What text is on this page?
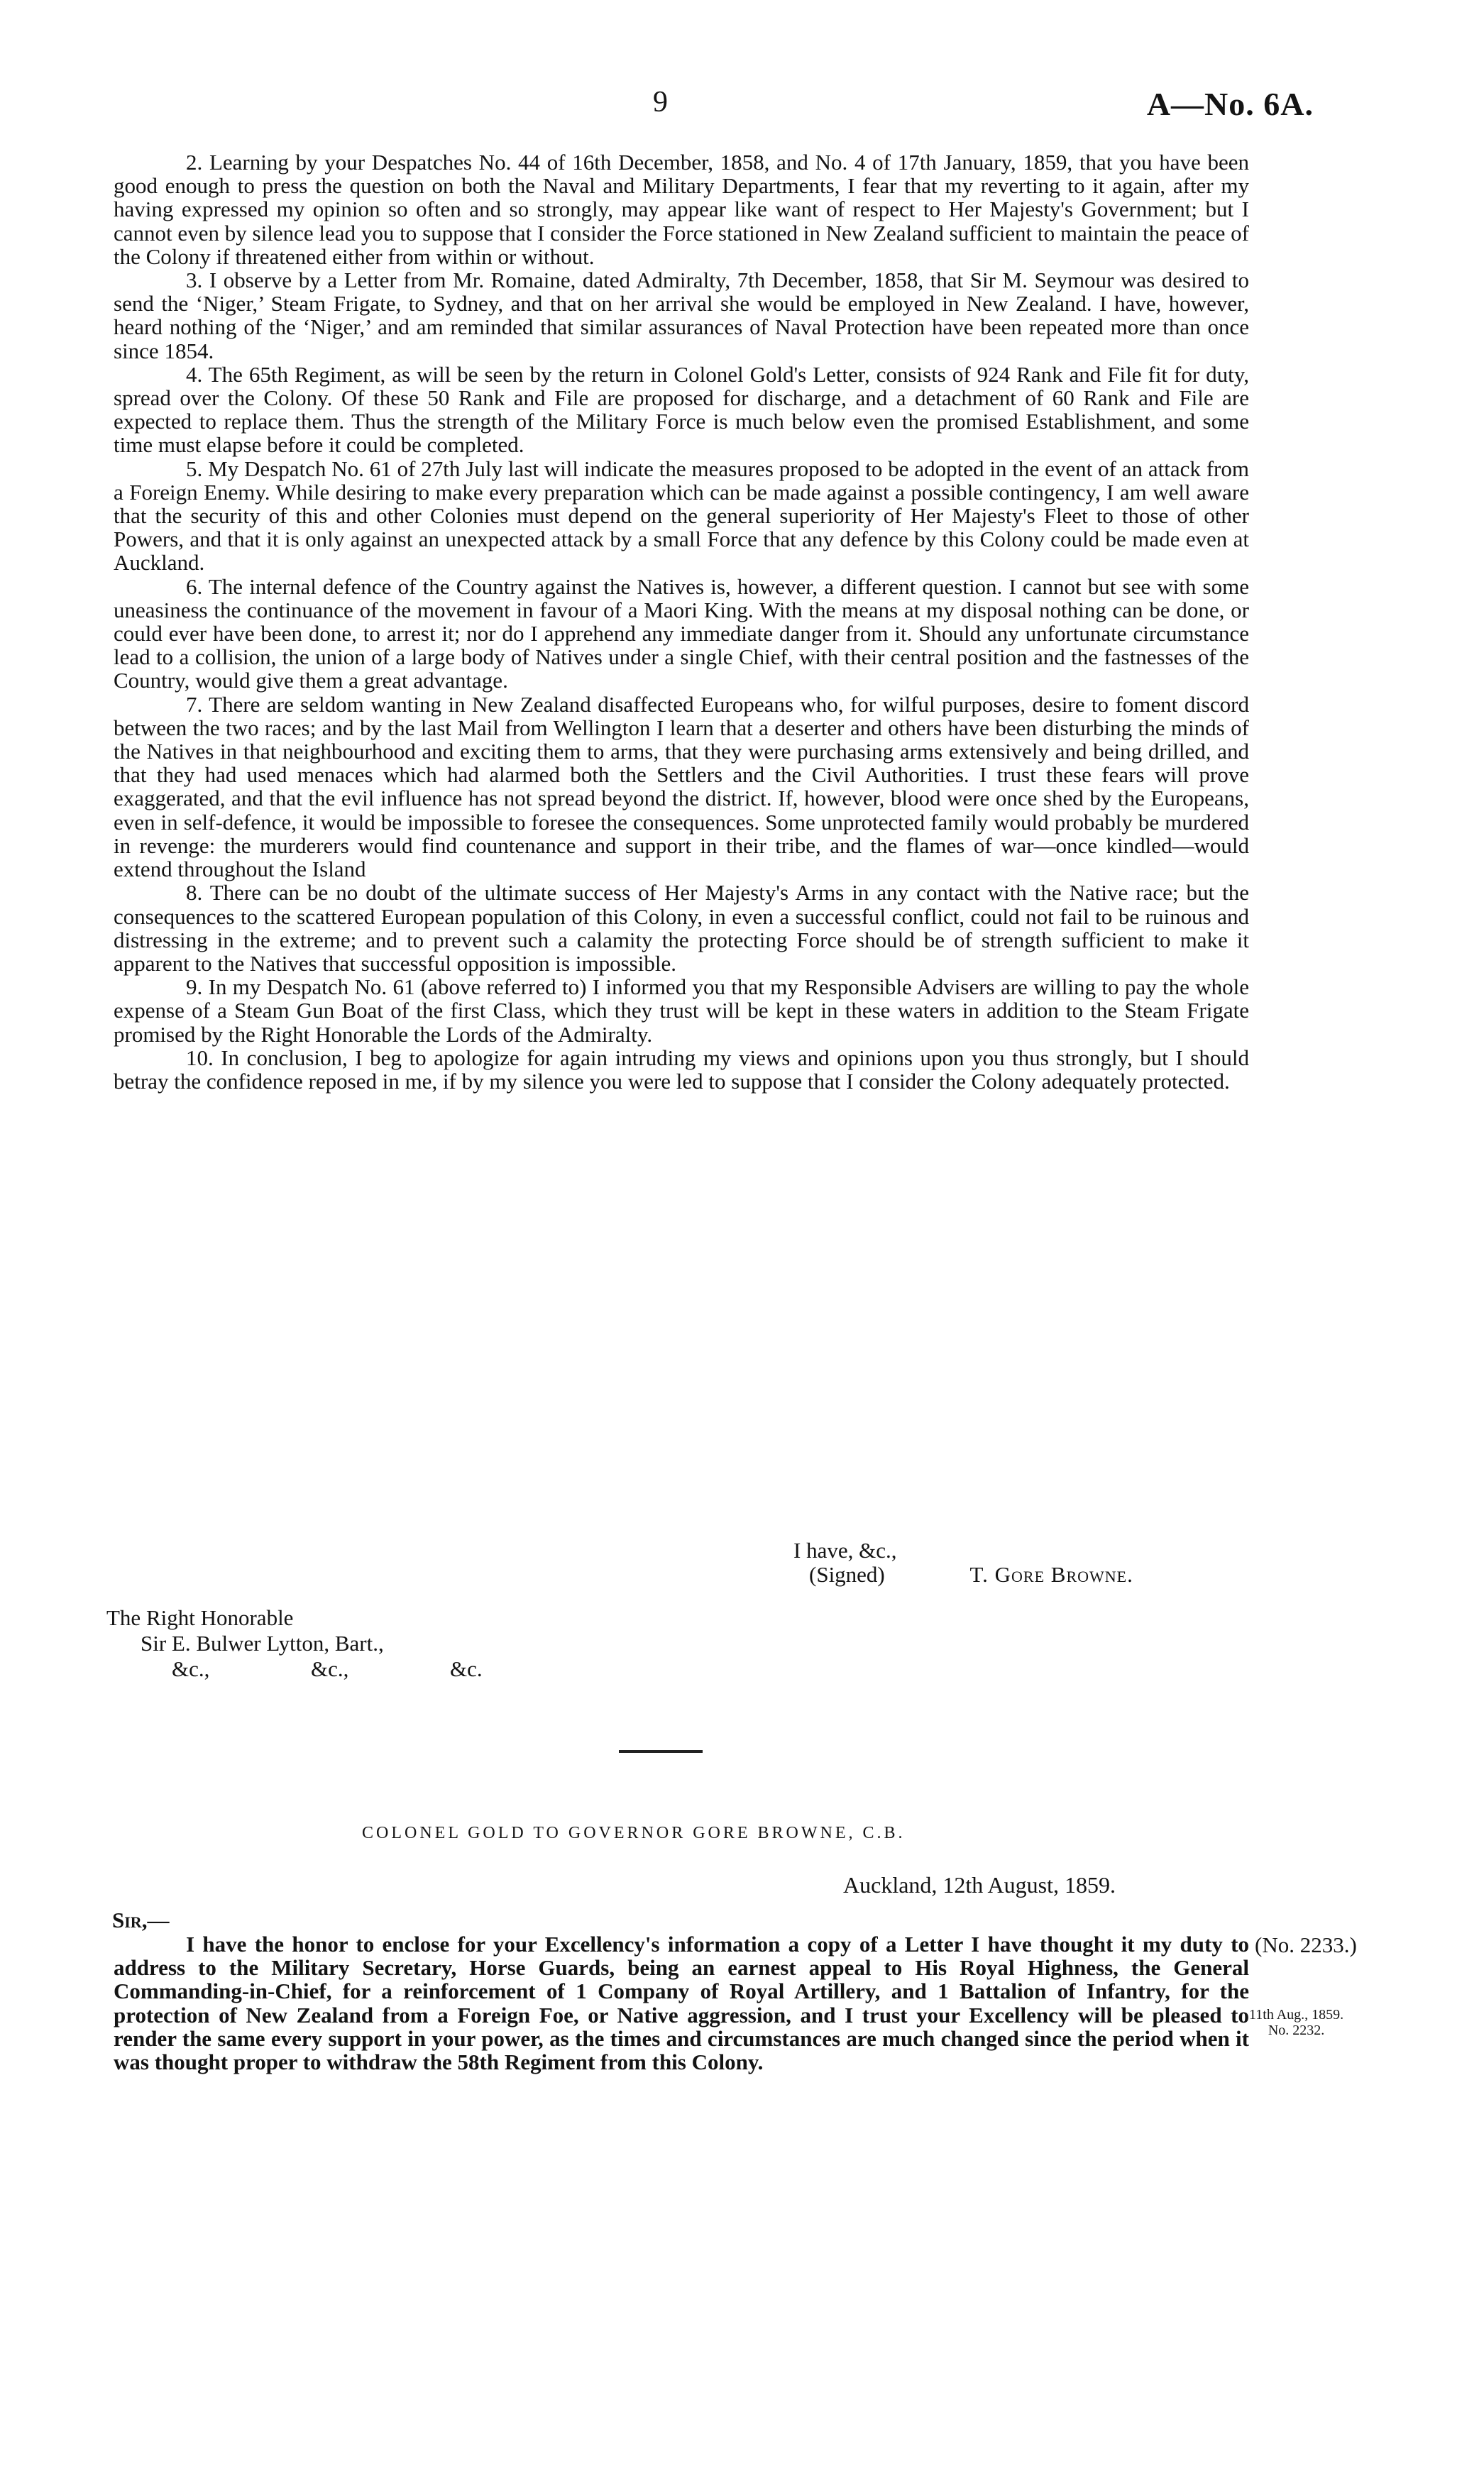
9	A—No. 6A.

2. Learning by your Despatches No. 44 of 16th December, 1858, and No. 4 of 17th January, 1859, that you have been good enough to press the question on both the Naval and Military Departments, I fear that my reverting to it again, after my having expressed my opinion so often and so strongly, may appear like want of respect to Her Majesty's Government; but I cannot even by silence lead you to suppose that I consider the Force stationed in New Zealand sufficient to maintain the peace of the Colony if threatened either from within or without.

3. I observe by a Letter from Mr. Romaine, dated Admiralty, 7th December, 1858, that Sir M. Seymour was desired to send the ‘Niger,’ Steam Frigate, to Sydney, and that on her arrival she would be employed in New Zealand. I have, however, heard nothing of the ‘Niger,’ and am reminded that similar assurances of Naval Protection have been repeated more than once since 1854.

4. The 65th Regiment, as will be seen by the return in Colonel Gold's Letter, consists of 924 Rank and File fit for duty, spread over the Colony. Of these 50 Rank and File are proposed for discharge, and a detachment of 60 Rank and File are expected to replace them. Thus the strength of the Military Force is much below even the promised Establishment, and some time must elapse before it could be completed.

5. My Despatch No. 61 of 27th July last will indicate the measures proposed to be adopted in the event of an attack from a Foreign Enemy. While desiring to make every preparation which can be made against a possible contingency, I am well aware that the security of this and other Colonies must depend on the general superiority of Her Majesty's Fleet to those of other Powers, and that it is only against an unexpected attack by a small Force that any defence by this Colony could be made even at Auckland.

6. The internal defence of the Country against the Natives is, however, a different question. I cannot but see with some uneasiness the continuance of the movement in favour of a Maori King. With the means at my disposal nothing can be done, or could ever have been done, to arrest it; nor do I apprehend any immediate danger from it. Should any unfortunate circumstance lead to a collision, the union of a large body of Natives under a single Chief, with their central position and the fastnesses of the Country, would give them a great advantage.

7. There are seldom wanting in New Zealand disaffected Europeans who, for wilful purposes, desire to foment discord between the two races; and by the last Mail from Wellington I learn that a deserter and others have been disturbing the minds of the Natives in that neighbourhood and exciting them to arms, that they were purchasing arms extensively and being drilled, and that they had used menaces which had alarmed both the Settlers and the Civil Authorities. I trust these fears will prove exaggerated, and that the evil influence has not spread beyond the district. If, however, blood were once shed by the Europeans, even in self-defence, it would be impossible to foresee the consequences. Some unprotected family would probably be murdered in revenge: the murderers would find countenance and support in their tribe, and the flames of war—once kindled—would extend throughout the Island

8. There can be no doubt of the ultimate success of Her Majesty's Arms in any contact with the Native race; but the consequences to the scattered European population of this Colony, in even a successful conflict, could not fail to be ruinous and distressing in the extreme; and to prevent such a calamity the protecting Force should be of strength sufficient to make it apparent to the Natives that successful opposition is impossible.

9. In my Despatch No. 61 (above referred to) I informed you that my Responsible Advisers are willing to pay the whole expense of a Steam Gun Boat of the first Class, which they trust will be kept in these waters in addition to the Steam Frigate promised by the Right Honorable the Lords of the Admiralty.

10. In conclusion, I beg to apologize for again intruding my views and opinions upon you thus strongly, but I should betray the confidence reposed in me, if by my silence you were led to suppose that I consider the Colony adequately protected.

I have, &c.,
(Signed)	T. Gore Browne.
The Right Honorable
Sir E. Bulwer Lytton, Bart.,
&c.,	&c.,	&c.
COLONEL GOLD TO GOVERNOR GORE BROWNE, C.B.
Auckland, 12th August, 1859.
Sir,—

I have the honor to enclose for your Excellency's information a copy of a Letter I have thought it my duty to address to the Military Secretary, Horse Guards, being an earnest appeal to His Royal Highness, the General Commanding-in-Chief, for a reinforcement of 1 Company of Royal Artillery, and 1 Battalion of Infantry, for the protection of New Zealand from a Foreign Foe, or Native aggression, and I trust your Excellency will be pleased to render the same every support in your power, as the times and circumstances are much changed since the period when it was thought proper to withdraw the 58th Regiment from this Colony.

(No. 2233.)
11th Aug., 1859.
No. 2232.
